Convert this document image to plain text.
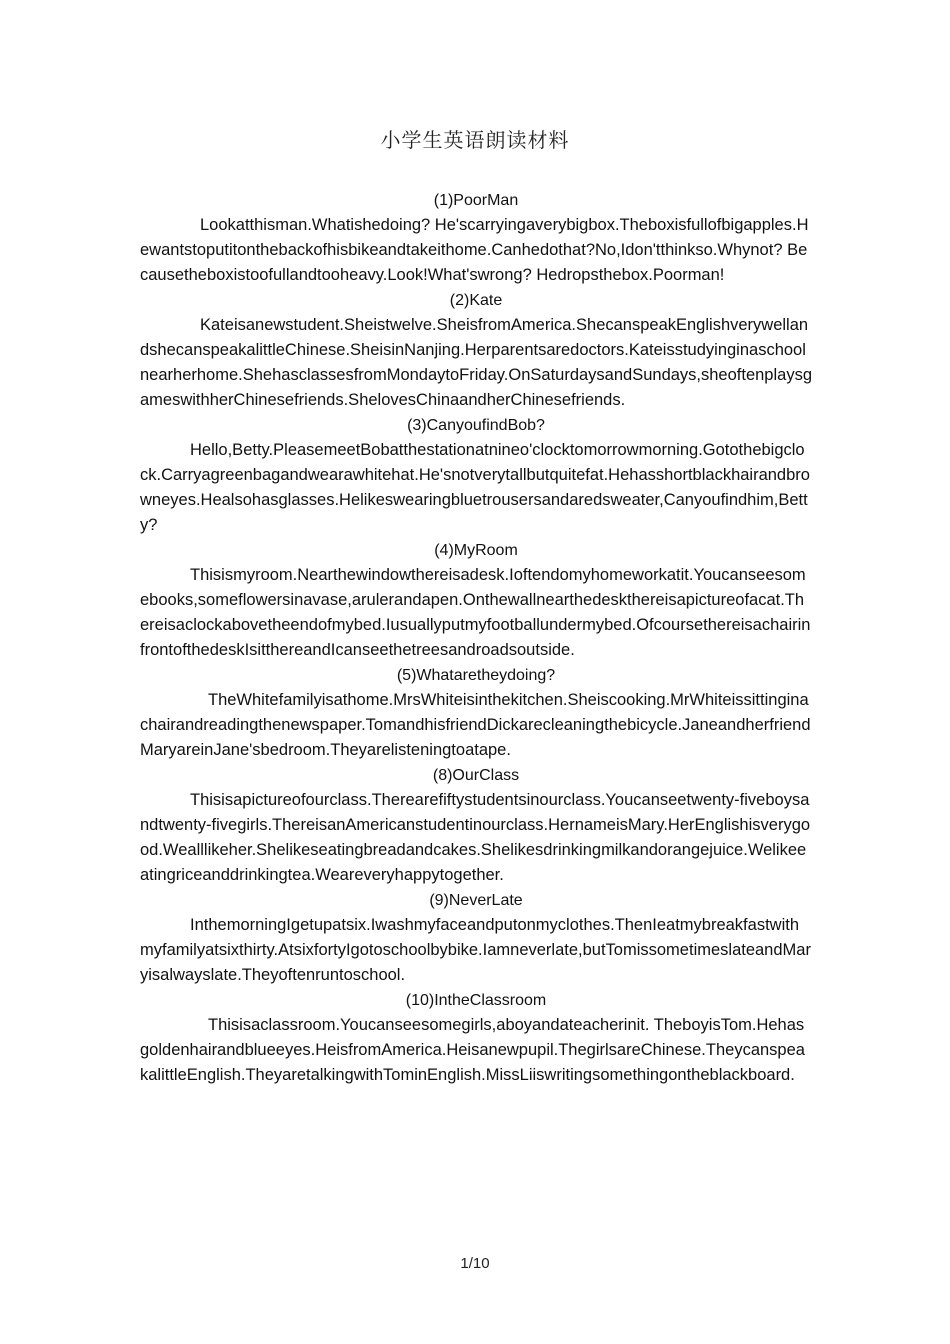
小学生英语朗读材料
(1)PoorMan

Lookatthisman.Whatishedoing? He'scarryingaverybigbox.Theboxisfullofbigapples.Hewantstoputitonthebackofhisbikeandtakeithome.Canhedothat?No,Idon'tthinkso.Whynot? Becausetheboxistoofullandtooheavy.Look!What'swrong? Hedropsthebox.Poorman!

(2)Kate

Kateisanewstudent.Sheistwelve.SheisfromAmerica.ShecanspeakEnglishverywellandshecanspeakalittleChinese.SheisinNanjing.Herparentsaredoctors.Kateisstudyinginaschoolnearherhome.ShehasclassesfromMondaytoFriday.OnSaturdaysandSundays,sheoftenplaysgameswithherChinesefriends.ShelovesChinaandherChinesefriends.

(3)CanyoufindBob?

Hello,Betty.PleasemeetBobatthestationatnineo'clocktomorrowmorning.Gotothebigclock.Carryagreenbagandwearawhitehat.He'snotverytallbutquitefat.Hehasshortblackhairandbrowneyes.Healsohasglasses.Helikeswearingbluetrousersandaredsweater,Canyoufindhim,Betty?

(4)MyRoom

Thisismyroom.Nearthewindowthereisadesk.Ioftendomyhomeworkatit.Youcanseesomebooks,someflowersinavase,arulerandapen.Onthewallnearthedeskthereisapictureofacat.Thereisaclockabovetheendofmybed.Iusuallyputmyfootballundermybed.OfcoursethereisachairinfrontofthedeskIsitthereandIcanseethetreesandroadsoutside.

(5)Whataretheydoing?

TheWhitefamilyisathome.MrsWhiteisinthekitchen.Sheiscooking.MrWhiteissittinginachairandreadingthenewspaper.TomandhisfriendDickarecleaningthebicycle.JaneandherfriendMaryareinJane'sbedroom.Theyarelisteningtoatape.

(8)OurClass

Thisisapictureofourclass.Therearefiftystudentsinourclass.Youcanseetwenty-fiveboysandtwenty-fivegirls.ThereisanAmericanstudentinourclass.HernameisMary.HerEnglishisverygood.Wealllikeher.Shelikeseatingbreadandcakes.Shelikesdrinkingmilkandorangejuice.Welikeeatingriceanddrinkingtea.Weareveryhappytogether.

(9)NeverLate

InthemorningIgetupatsix.Iwashmyfaceandputonmyclothes.ThenIeatmybreakfastwithmyfamilyatsixthirty.AtsixfortyIgotoschoolbybike.Iamneverlate,butTomissometimeslateandMaryisalwayslate.Theyoftenruntoschool.

(10)IntheClassroom

Thisisaclassroom.Youcanseesomegirls,aboyandateacherinit. TheboyisTom.Hehasgoldenhairandblueeyes.HeisfromAmerica.Heisanewpupil.ThegirlsareChinese.TheycanspeakalittleEnglish.TheyaretalkingwithTominEnglish.MissLiiswritingsomethingontheblackboard.

1/10
